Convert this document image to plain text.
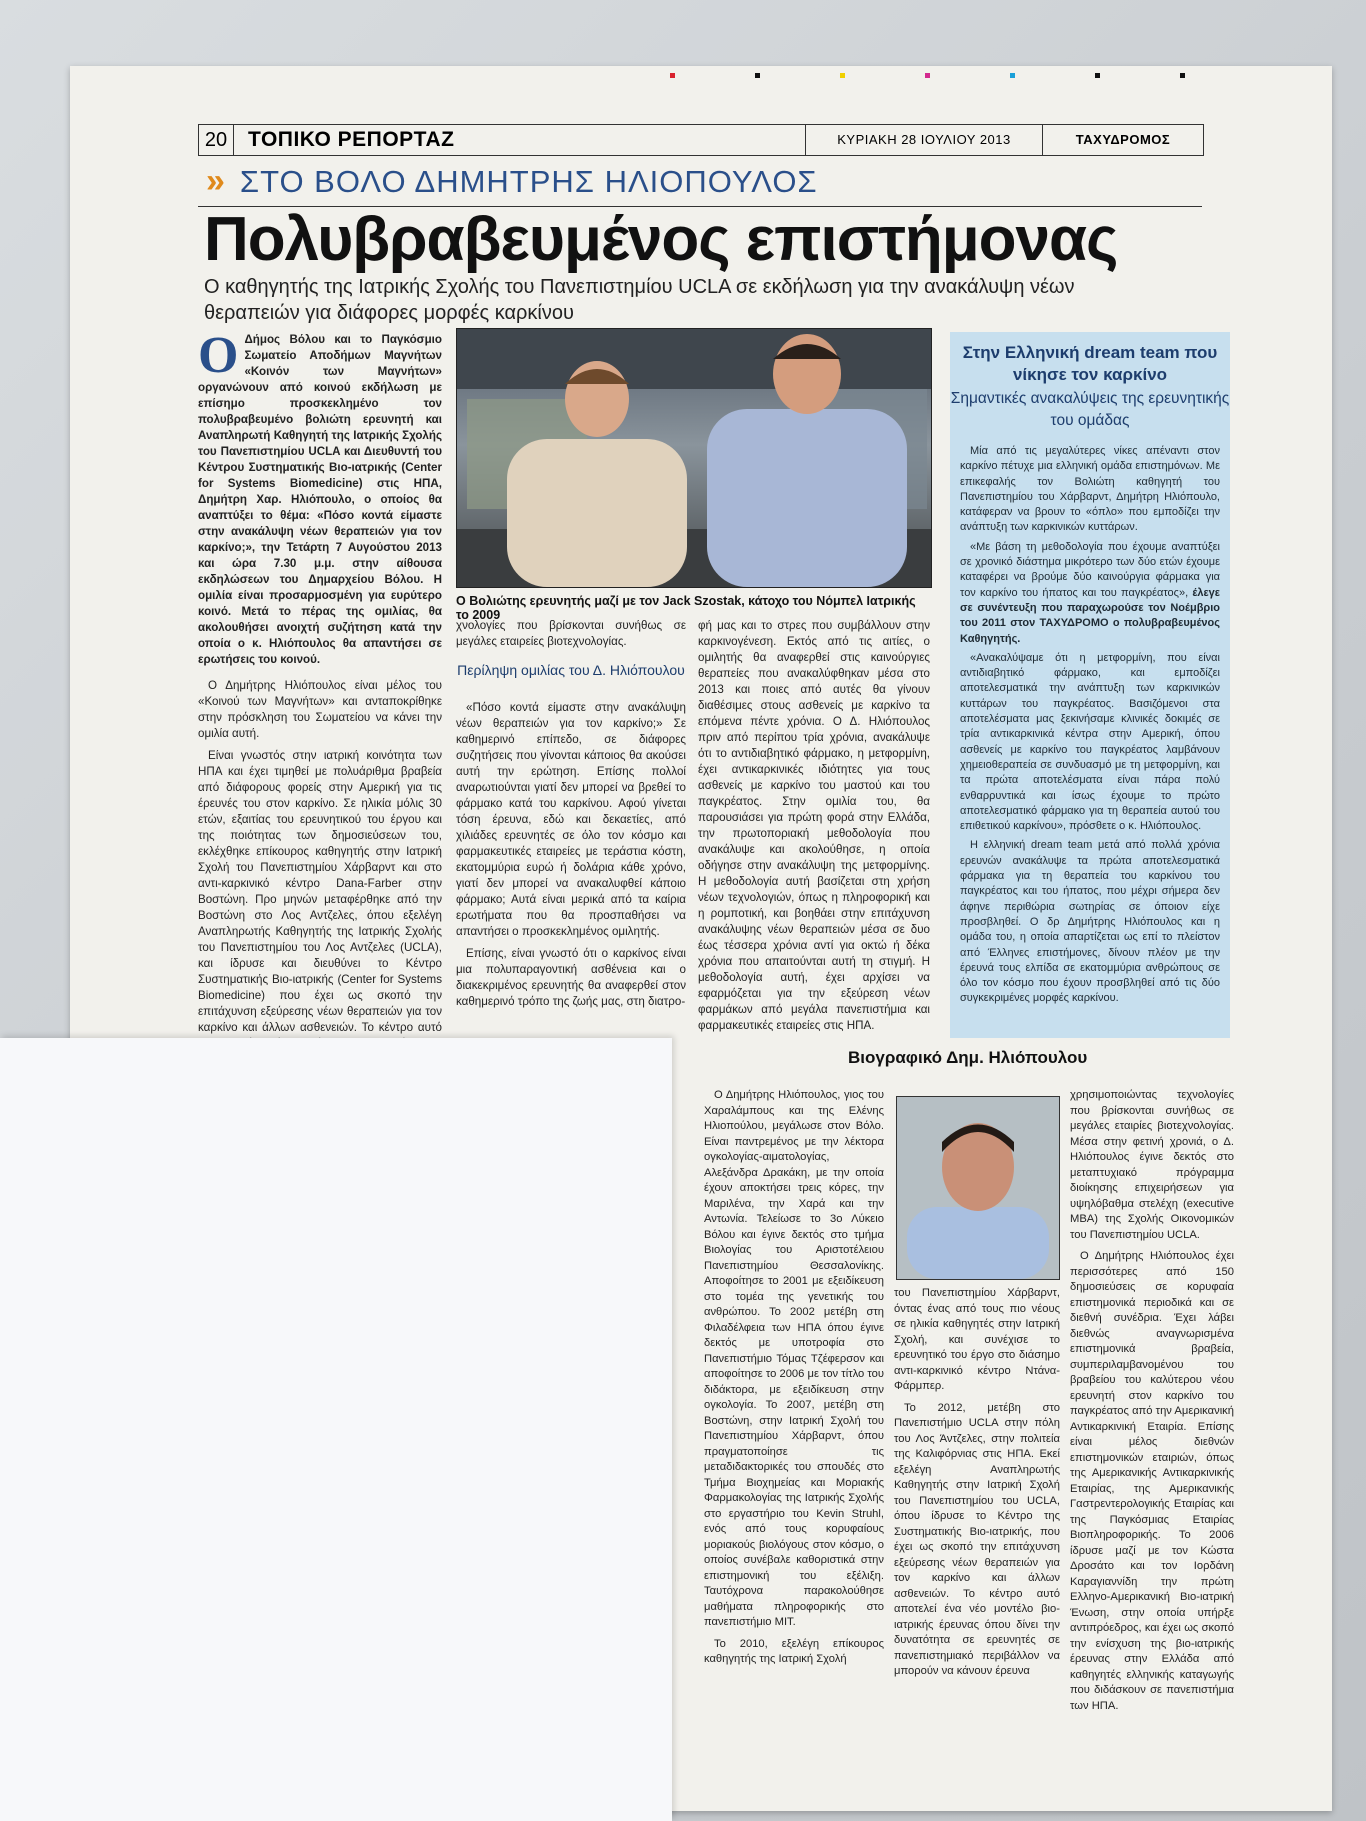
20 ΤΟΠΙΚΟ ΡΕΠΟΡΤΑΖ	ΚΥΡΙΑΚΗ 28 ΙΟΥΛΙΟΥ 2013	ΤΑΧΥΔΡΟΜΟΣ
» ΣΤΟ ΒΟΛΟ ΔΗΜΗΤΡΗΣ ΗΛΙΟΠΟΥΛΟΣ
Πολυβραβευμένος επιστήμονας
Ο καθηγητής της Ιατρικής Σχολής του Πανεπιστημίου UCLA σε εκδήλωση για την ανακάλυψη νέων θεραπειών για διάφορες μορφές καρκίνου

Ο Δήμος Βόλου και το Παγκόσμιο Σωματείο Αποδήμων Μαγνήτων «Κοινόν των Μαγνήτων» οργανώνουν από κοινού εκδήλωση με επίσημο προσκεκλημένο τον πολυβραβευμένο βολιώτη ερευνητή και Αναπληρωτή Καθηγητή της Ιατρικής Σχολής του Πανεπιστημίου UCLA και Διευθυντή του Κέντρου Συστηματικής Βιο-ιατρικής (Center for Systems Biomedicine) στις ΗΠΑ, Δημήτρη Χαρ. Ηλιόπουλο, ο οποίος θα αναπτύξει το θέμα: «Πόσο κοντά είμαστε στην ανακάλυψη νέων θεραπειών για τον καρκίνο;», την Τετάρτη 7 Αυγούστου 2013 και ώρα 7.30 μ.μ. στην αίθουσα εκδηλώσεων του Δημαρχείου Βόλου. Η ομιλία είναι προσαρμοσμένη για ευρύτερο κοινό. Μετά το πέρας της ομιλίας, θα ακολουθήσει ανοιχτή συζήτηση κατά την οποία ο κ. Ηλιόπουλος θα απαντήσει σε ερωτήσεις του κοινού.

Ο Δημήτρης Ηλιόπουλος είναι μέλος του «Κοινού των Μαγνήτων» και ανταποκρίθηκε στην πρόσκληση του Σωματείου να κάνει την ομιλία αυτή.

Είναι γνωστός στην ιατρική κοινότητα των ΗΠΑ και έχει τιμηθεί με πολυάριθμα βραβεία από διάφορους φορείς στην Αμερική για τις έρευνές του στον καρκίνο. Σε ηλικία μόλις 30 ετών, εξαιτίας του ερευνητικού του έργου και της ποιότητας των δημοσιεύσεων του, εκλέχθηκε επίκουρος καθηγητής στην Ιατρική Σχολή του Πανεπιστημίου Χάρβαρντ και στο αντι-καρκινικό κέντρο Dana-Farber στην Βοστώνη. Προ μηνών μεταφέρθηκε από την Βοστώνη στο Λος Αντζελες, όπου εξελέγη Αναπληρωτής Καθηγητής της Ιατρικής Σχολής του Πανεπιστημίου του Λος Αντζελες (UCLA), και ίδρυσε και διευθύνει το Κέντρο Συστηματικής Βιο-ιατρικής (Center for Systems Biomedicine) που έχει ως σκοπό την επιτάχυνση εξεύρεσης νέων θεραπειών για τον καρκίνο και άλλων ασθενειών. Το κέντρο αυτό

Ο Βολιώτης ερευνητής μαζί με τον Jack Szostak, κάτοχο του Νόμπελ Ιατρικής το 2009

χνολογίες που βρίσκονται συνήθως σε μεγάλες εταιρείες βιοτεχνολογίας.

«Πόσο κοντά είμαστε στην ανακάλυψη νέων θεραπειών για τον καρκίνο;» Σε καθημερινό επίπεδο, σε διάφορες συζητήσεις που γίνονται κάποιος θα ακούσει αυτή την ερώτηση. Επίσης πολλοί αναρωτιούνται γιατί δεν μπορεί να βρεθεί το φάρμακο κατά του καρκίνου. Αφού γίνεται τόση έρευνα, εδώ και δεκαετίες, από χιλιάδες ερευνητές σε όλο τον κόσμο και φαρμακευτικές εταιρείες με τεράστια κόστη, εκατομμύρια ευρώ ή δολάρια κάθε χρόνο, γιατί δεν μπορεί να ανακαλυφθεί κάποιο φάρμακο; Αυτά είναι μερικά από τα καίρια ερωτήματα που θα προσπαθήσει να απαντήσει ο προσκεκλημένος ομιλητής.

Επίσης, είναι γνωστό ότι ο καρκίνος είναι μια πολυπαραγοντική ασθένεια και ο διακεκριμένος ερευνητής θα αναφερθεί στον καθημερινό τρόπο της ζωής μας, στη διατρο-

Περίληψη ομιλίας του Δ. Ηλιόπουλου

φή μας και το στρες που συμβάλλουν στην καρκινογένεση. Εκτός από τις αιτίες, ο ομιλητής θα αναφερθεί στις καινούργιες θεραπείες που ανακαλύφθηκαν μέσα στο 2013 και ποιες από αυτές θα γίνουν διαθέσιμες στους ασθενείς με καρκίνο τα επόμενα πέντε χρόνια. Ο Δ. Ηλιόπουλος πριν από περίπου τρία χρόνια, ανακάλυψε ότι το αντιδιαβητικό φάρμακο, η μετφορμίνη, έχει αντικαρκινικές ιδιότητες για τους ασθενείς με καρκίνο του μαστού και του παγκρέατος. Στην ομιλία του, θα παρουσιάσει για πρώτη φορά στην Ελλάδα, την πρωτοποριακή μεθοδολογία που ανακάλυψε και ακολούθησε, η οποία οδήγησε στην ανακάλυψη της μετφορμίνης. Η μεθοδολογία αυτή βασίζεται στη χρήση νέων τεχνολογιών, όπως η πληροφορική και η ρομποτική, και βοηθάει στην επιτάχυνση ανακάλυψης νέων θεραπειών μέσα σε δυο έως τέσσερα χρόνια αντί για οκτώ ή δέκα χρόνια που απαιτούνται αυτή τη στιγμή. Η μεθοδολογία αυτή, έχει αρχίσει να εφαρμόζεται για την εξεύρεση νέων φαρμάκων από μεγάλα πανεπιστήμια και φαρμακευτικές εταιρείες στις ΗΠΑ.

Στην Ελληνική dream team που νίκησε τον καρκίνο
Σημαντικές ανακαλύψεις της ερευνητικής του ομάδας

Μία από τις μεγαλύτερες νίκες απέναντι στον καρκίνο πέτυχε μια ελληνική ομάδα επιστημόνων. Με επικεφαλής τον Βολιώτη καθηγητή του Πανεπιστημίου του Χάρβαρντ, Δημήτρη Ηλιόπουλο, κατάφεραν να βρουν το «όπλο» που εμποδίζει την ανάπτυξη των καρκινικών κυττάρων.

«Με βάση τη μεθοδολογία που έχουμε αναπτύξει σε χρονικό διάστημα μικρότερο των δύο ετών έχουμε καταφέρει να βρούμε δύο καινούργια φάρμακα για τον καρκίνο του ήπατος και του παγκρέατος», έλεγε σε συνέντευξη που παραχωρούσε τον Νοέμβριο του 2011 στον ΤΑΧΥΔΡΟΜΟ ο πολυβραβευμένος Καθηγητής.

«Ανακαλύψαμε ότι η μετφορμίνη, που είναι αντιδιαβητικό φάρμακο, και εμποδίζει αποτελεσματικά την ανάπτυξη των καρκινικών κυττάρων του παγκρέατος. Βασιζόμενοι στα αποτελέσματα μας ξεκινήσαμε κλινικές δοκιμές σε τρία αντικαρκινικά κέντρα στην Αμερική, όπου ασθενείς με καρκίνο του παγκρέατος λαμβάνουν χημειοθεραπεία σε συνδυασμό με τη μετφορμίνη, και τα πρώτα αποτελέσματα είναι πάρα πολύ ενθαρρυντικά και ίσως έχουμε το πρώτο αποτελεσματικό φάρμακο για τη θεραπεία αυτού του επιθετικού καρκίνου», πρόσθετε ο κ. Ηλιόπουλος.

Η ελληνική dream team μετά από πολλά χρόνια ερευνών ανακάλυψε τα πρώτα αποτελεσματικά φάρμακα για τη θεραπεία του καρκίνου του παγκρέατος και του ήπατος, που μέχρι σήμερα δεν άφηνε περιθώρια σωτηρίας σε όποιον είχε προσβληθεί. Ο δρ Δημήτρης Ηλιόπουλος και η ομάδα του, η οποία απαρτίζεται ως επί το πλείστον από Έλληνες επιστήμονες, δίνουν πλέον με την έρευνά τους ελπίδα σε εκατομμύρια ανθρώπους σε όλο τον κόσμο που έχουν προσβληθεί από τις δύο συγκεκριμένες μορφές καρκίνου.

Βιογραφικό Δημ. Ηλιόπουλου

Ο Δημήτρης Ηλιόπουλος, γιος του Χαραλάμπους και της Ελένης Ηλιοπούλου, μεγάλωσε στον Βόλο. Είναι παντρεμένος με την λέκτορα ογκολογίας-αιματολογίας, Αλεξάνδρα Δρακάκη, με την οποία έχουν αποκτήσει τρεις κόρες, την Μαριλένα, την Χαρά και την Αντωνία. Τελείωσε το 3ο Λύκειο Βόλου και έγινε δεκτός στο τμήμα Βιολογίας του Αριστοτέλειου Πανεπιστημίου Θεσσαλονίκης. Αποφοίτησε το 2001 με εξειδίκευση στο τομέα της γενετικής του ανθρώπου. Το 2002 μετέβη στη Φιλαδέλφεια των ΗΠΑ όπου έγινε δεκτός με υποτροφία στο Πανεπιστήμιο Τόμας Τζέφερσον και αποφοίτησε το 2006 με τον τίτλο του διδάκτορα, με εξειδίκευση στην ογκολογία. Το 2007, μετέβη στη Βοστώνη, στην Ιατρική Σχολή του Πανεπιστημίου Χάρβαρντ, όπου πραγματοποίησε τις μεταδιδακτορικές του σπουδές στο Τμήμα Βιοχημείας και Μοριακής Φαρμακολογίας της Ιατρικής Σχολής στο εργαστήριο του Kevin Struhl, ενός από τους κορυφαίους μοριακούς βιολόγους στον κόσμο, ο οποίος συνέβαλε καθοριστικά στην επιστημονική του εξέλιξη. Ταυτόχρονα παρακολούθησε μαθήματα πληροφορικής στο πανεπιστήμιο MIT.

Το 2010, εξελέγη επίκουρος καθηγητής της Ιατρική Σχολή

του Πανεπιστημίου Χάρβαρντ, όντας ένας από τους πιο νέους σε ηλικία καθηγητές στην Ιατρική Σχολή, και συνέχισε το ερευνητικό του έργο στο διάσημο αντι-καρκινικό κέντρο Ντάνα-Φάρμπερ.

Το 2012, μετέβη στο Πανεπιστήμιο UCLA στην πόλη του Λος Άντζελες, στην πολιτεία της Καλιφόρνιας στις ΗΠΑ. Εκεί εξελέγη Αναπληρωτής Καθηγητής στην Ιατρική Σχολή του Πανεπιστημίου του UCLA, όπου ίδρυσε το Κέντρο της Συστηματικής Βιο-ιατρικής, που έχει ως σκοπό την επιτάχυνση εξεύρεσης νέων θεραπειών για τον καρκίνο και άλλων ασθενειών. Το κέντρο αυτό αποτελεί ένα νέο μοντέλο βιο-ιατρικής έρευνας όπου δίνει την δυνατότητα σε ερευνητές σε πανεπιστημιακό περιβάλλον να μπορούν να κάνουν έρευνα

χρησιμοποιώντας τεχνολογίες που βρίσκονται συνήθως σε μεγάλες εταιρίες βιοτεχνολογίας. Μέσα στην φετινή χρονιά, ο Δ. Ηλιόπουλος έγινε δεκτός στο μεταπτυχιακό πρόγραμμα διοίκησης επιχειρήσεων για υψηλόβαθμα στελέχη (executive MBA) της Σχολής Οικονομικών του Πανεπιστημίου UCLA.

Ο Δημήτρης Ηλιόπουλος έχει περισσότερες από 150 δημοσιεύσεις σε κορυφαία επιστημονικά περιοδικά και σε διεθνή συνέδρια. Έχει λάβει διεθνώς αναγνωρισμένα επιστημονικά βραβεία, συμπεριλαμβανομένου του βραβείου του καλύτερου νέου ερευνητή στον καρκίνο του παγκρέατος από την Αμερικανική Αντικαρκινική Εταιρία. Επίσης είναι μέλος διεθνών επιστημονικών εταιριών, όπως της Αμερικανικής Αντικαρκινικής Εταιρίας, της Αμερικανικής Γαστρεντερολογικής Εταιρίας και της Παγκόσμιας Εταιρίας Βιοπληροφορικής. Το 2006 ίδρυσε μαζί με τον Κώστα Δροσάτο και τον Ιορδάνη Καραγιαννίδη την πρώτη Ελληνο-Αμερικανική Βιο-ιατρική Ένωση, στην οποία υπήρξε αντιπρόεδρος, και έχει ως σκοπό την ενίσχυση της βιο-ιατρικής έρευνας στην Ελλάδα από καθηγητές ελληνικής καταγωγής που διδάσκουν σε πανεπιστήμια των ΗΠΑ.
